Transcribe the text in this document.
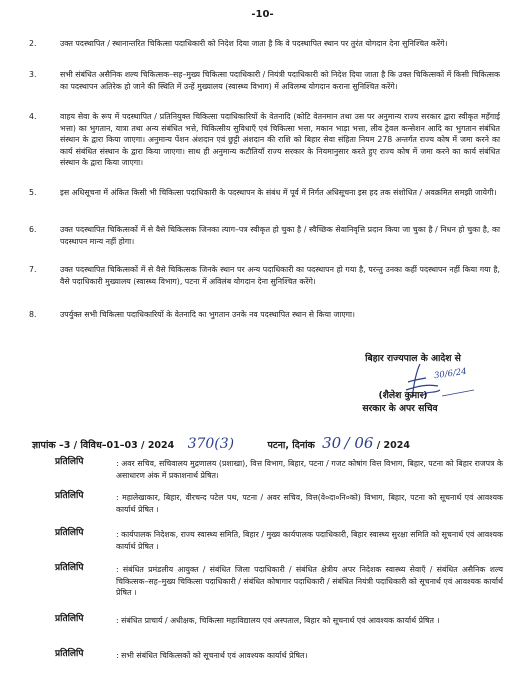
-10-
2.	उक्त पदस्थापित / स्थानान्तरित चिकित्सा पदाधिकारी को निदेश दिया जाता है कि वे पदस्थापित स्थान पर तुरंत योगदान देना सुनिश्चित करेंगे।
3.	सभी संबंधित असैनिक शल्य चिकित्सक–सह–मुख्य चिकित्सा पदाधिकारी / नियंत्री पदाधिकारी को निदेश दिया जाता है कि उक्त चिकित्सकों में किसी चिकित्सक का पदस्थापन अतिरेक हो जाने की स्थिति में उन्हें मुख्यालय (स्वास्थ्य विभाग) में अविलम्ब योगदान कराना सुनिश्चित करेंगे।
4.	वाहय सेवा के रूप में पदस्थापित / प्रतिनियुक्त चिकित्सा पदाधिकारियों के वेतनादि (कोटि वेतनमान तथा उस पर अनुमान्य राज्य सरकार द्वारा स्वीकृत महँगाई भत्ता) का भुगतान, यात्रा तथा अन्य संबंधित भत्ते, चिकित्सीय सुविधाएँ एवं चिकित्सा भत्ता, मकान भाड़ा भत्ता, लीव ट्रेवल कन्सेशन आदि का भुगतान संबंधित संस्थान के द्वारा किया जाएगा। अनुमान्य पेंशन अंशदान एवं छुट्टी अंशदान की राशि को बिहार सेवा संहिता नियम 278 अन्तर्गत राज्य कोष में जमा करने का कार्य संबंधित संस्थान के द्वारा किया जाएगा। साथ ही अनुमान्य कटौतियाँ राज्य सरकार के नियमानुसार करते हुए राज्य कोष में जमा करने का कार्य संबंधित संस्थान के द्वारा किया जाएगा।
5.	इस अधिसूचना में अंकित किसी भी चिकित्सा पदाधिकारी के पदस्थापन के संबंध में पूर्व में निर्गत अधिसूचना इस हद तक संशोधित / अवक्रमित समझी जायेगी।
6.	उक्त पदस्थापित चिकित्सकों में से वैसे चिकित्सक जिनका त्याग–पत्र स्वीकृत हो चुका है / स्वैच्छिक सेवानिवृत्ति प्रदान किया जा चुका है / निधन हो चुका है, का पदस्थापन मान्य नहीं होगा।
7.	उक्त पदस्थापित चिकित्सकों में से वैसे चिकित्सक जिनके स्थान पर अन्य पदाधिकारी का पदस्थापन हो गया है, परन्तु उनका कहीं पदस्थापन नहीं किया गया है, वैसे पदाधिकारी मुख्यालय (स्वास्थ्य विभाग), पटना में अविलंब योगदान देना सुनिश्चित करेंगे।
8.	उपर्युक्त सभी चिकित्सा पदाधिकारियों के वेतनादि का भुगतान उनके नव पदस्थापित स्थान से किया जाएगा।
बिहार राज्यपाल के आदेश से
30/6/24
(शैलेश कुमार)
सरकार के अपर सचिव
ज्ञापांक –3 / विविध–01–03 / 2024 370(3)	पटना, दिनांक 30 / 06 / 2024
प्रतिलिपि	: अवर सचिव, सचिवालय मुद्रणालय (प्रशाखा), वित्त विभाग, बिहार, पटना / गजट कोषांग वित्त विभाग, बिहार, पटना को बिहार राजपत्र के असाधारण अंक में प्रकाशनार्थ प्रेषित।
प्रतिलिपि	: महालेखाकार, बिहार, वीरचन्द पटेल पथ, पटना / अवर सचिव, वित्त(वे०दा०नि०को) विभाग, बिहार, पटना को सूचनार्थ एवं आवश्यक कार्यार्थ प्रेषित ।
प्रतिलिपि	: कार्यपालक निदेशक, राज्य स्वास्थ्य समिति, बिहार / मुख्य कार्यपालक पदाधिकारी, बिहार स्वास्थ्य सुरक्षा समिति को सूचनार्थ एवं आवश्यक कार्यार्थ प्रेषित ।
प्रतिलिपि	: संबंधित प्रमंडलीय आयुक्त / संबंधित जिला पदाधिकारी / संबंधित क्षेत्रीय अपर निदेशक स्वास्थ्य सेवाएँ / संबंधित असैनिक शल्य चिकित्सक–सह–मुख्य चिकित्सा पदाधिकारी / संबंधित कोषागार पदाधिकारी / संबंधित नियंत्री पदाधिकारी को सूचनार्थ एवं आवश्यक कार्यार्थ प्रेषित ।
प्रतिलिपि	: संबंधित प्राचार्य / अधीक्षक, चिकित्सा महाविद्यालय एवं अस्पताल, बिहार को सूचनार्थ एवं आवश्यक कार्यार्थ प्रेषित ।
प्रतिलिपि	: सभी संबंधित चिकित्सकों को सूचनार्थ एवं आवश्यक कार्यार्थ प्रेषित।
